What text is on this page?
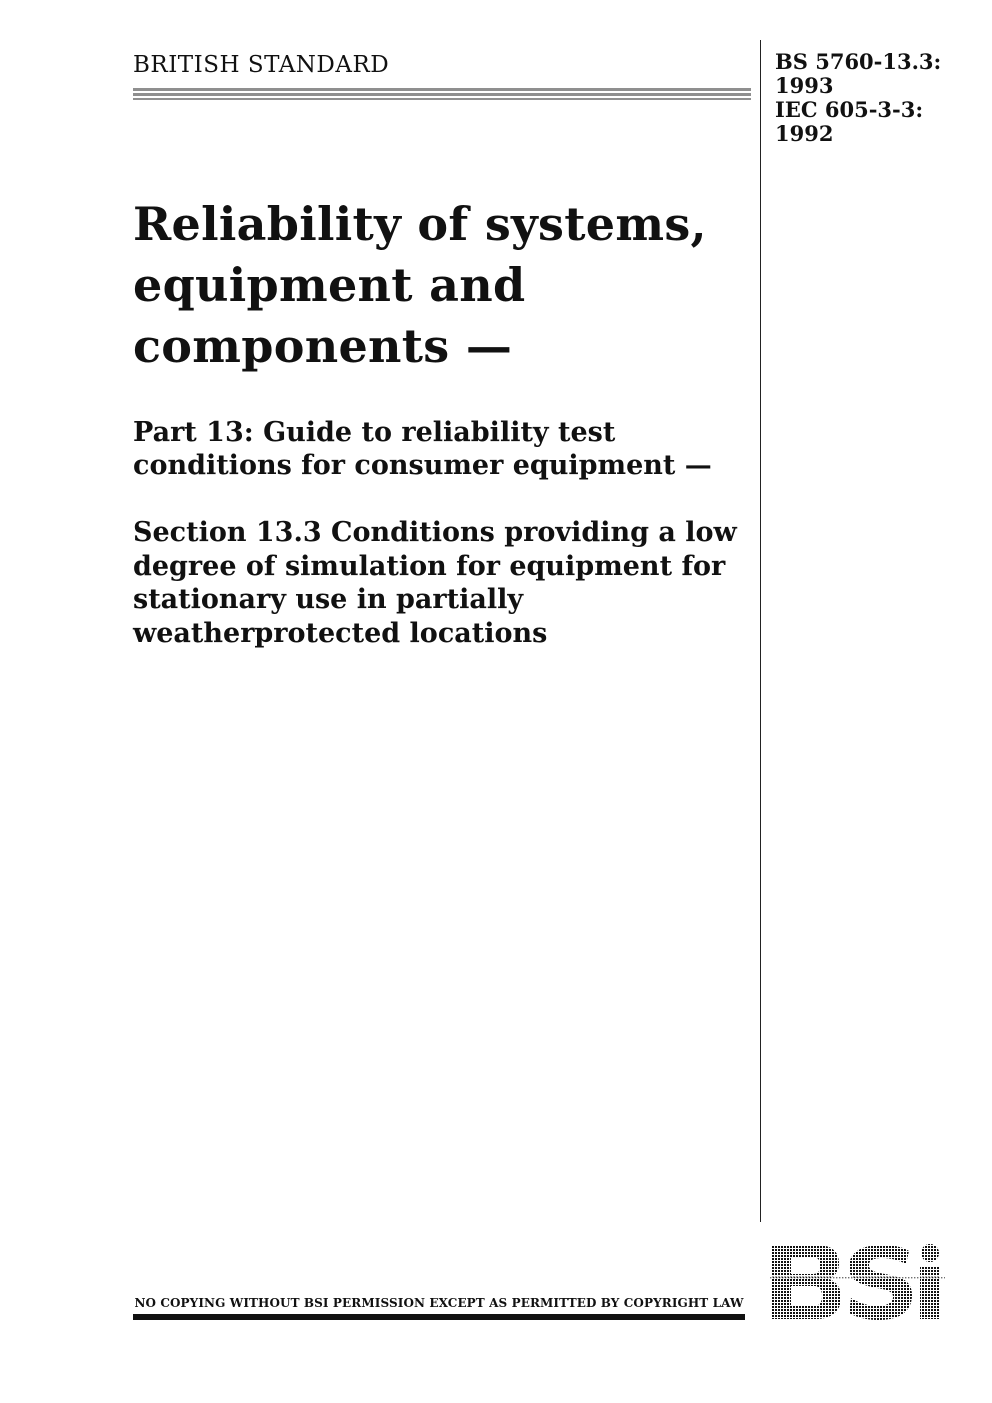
BRITISH STANDARD	BS 5760-13.3:
1993
IEC 605-3-3:
1992
Reliability of systems,
equipment and
components —
Part 13: Guide to reliability test
conditions for consumer equipment —
Section 13.3 Conditions providing a low
degree of simulation for equipment for
stationary use in partially
weatherprotected locations
NO COPYING WITHOUT BSI PERMISSION EXCEPT AS PERMITTED BY COPYRIGHT LAW
